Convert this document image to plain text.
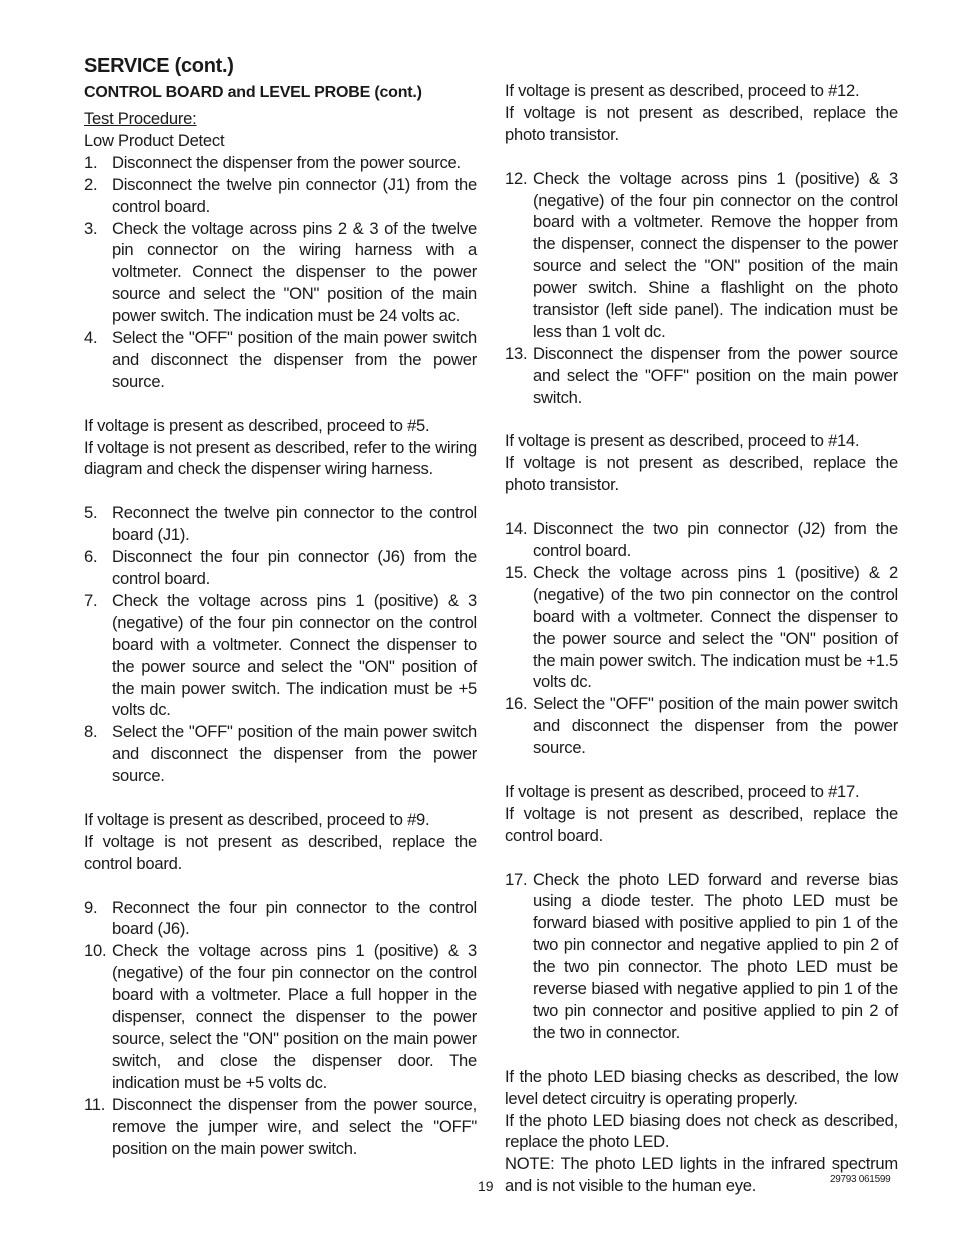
SERVICE (cont.)
CONTROL BOARD and LEVEL PROBE (cont.)

Test Procedure:

Low Product Detect

1. Disconnect the dispenser from the power source.
2. Disconnect the twelve pin connector (J1) from the control board.
3. Check the voltage across pins 2 & 3 of the twelve pin connector on the wiring harness with a voltmeter. Connect the dispenser to the power source and select the "ON" position of the main power switch. The indication must be 24 volts ac.
4. Select the "OFF" position of the main power switch and disconnect the dispenser from the power source.

If voltage is present as described, proceed to #5.

If voltage is not present as described, refer to the wiring diagram and check the dispenser wiring harness.

5. Reconnect the twelve pin connector to the control board (J1).
6. Disconnect the four pin connector (J6) from the control board.
7. Check the voltage across pins 1 (positive) & 3 (negative) of the four pin connector on the control board with a voltmeter. Connect the dispenser to the power source and select the "ON" position of the main power switch. The indication must be +5 volts dc.
8. Select the "OFF" position of the main power switch and disconnect the dispenser from the power source.

If voltage is present as described, proceed to #9.

If voltage is not present as described, replace the control board.

9. Reconnect the four pin connector to the control board (J6).
10. Check the voltage across pins 1 (positive) & 3 (negative) of the four pin connector on the control board with a voltmeter. Place a full hopper in the dispenser, connect the dispenser to the power source, select the "ON" position on the main power switch, and close the dispenser door. The indication must be +5 volts dc.
11. Disconnect the dispenser from the power source, remove the jumper wire, and select the "OFF" position on the main power switch.

If voltage is present as described, proceed to #12.

If voltage is not present as described, replace the photo transistor.

12. Check the voltage across pins 1 (positive) & 3 (negative) of the four pin connector on the control board with a voltmeter. Remove the hopper from the dispenser, connect the dispenser to the power source and select the "ON" position of the main power switch. Shine a flashlight on the photo transistor (left side panel). The indication must be less than 1 volt dc.
13. Disconnect the dispenser from the power source and select the "OFF" position on the main power switch.

If voltage is present as described, proceed to #14.

If voltage is not present as described, replace the photo transistor.

14. Disconnect the two pin connector (J2) from the control board.
15. Check the voltage across pins 1 (positive) & 2 (negative) of the two pin connector on the control board with a voltmeter. Connect the dispenser to the power source and select the "ON" position of the main power switch. The indication must be +1.5 volts dc.
16. Select the "OFF" position of the main power switch and disconnect the dispenser from the power source.

If voltage is present as described, proceed to #17.

If voltage is not present as described, replace the control board.

17. Check the photo LED forward and reverse bias using a diode tester. The photo LED must be forward biased with positive applied to pin 1 of the two pin connector and negative applied to pin 2 of the two pin connector. The photo LED must be reverse biased with negative applied to pin 1 of the two pin connector and positive applied to pin 2 of the two in connector.

If the photo LED biasing checks as described, the low level detect circuitry is operating properly.

If the photo LED biasing does not check as described, replace the photo LED.

NOTE: The photo LED lights in the infrared spectrum and is not visible to the human eye.

19	29793 061599
